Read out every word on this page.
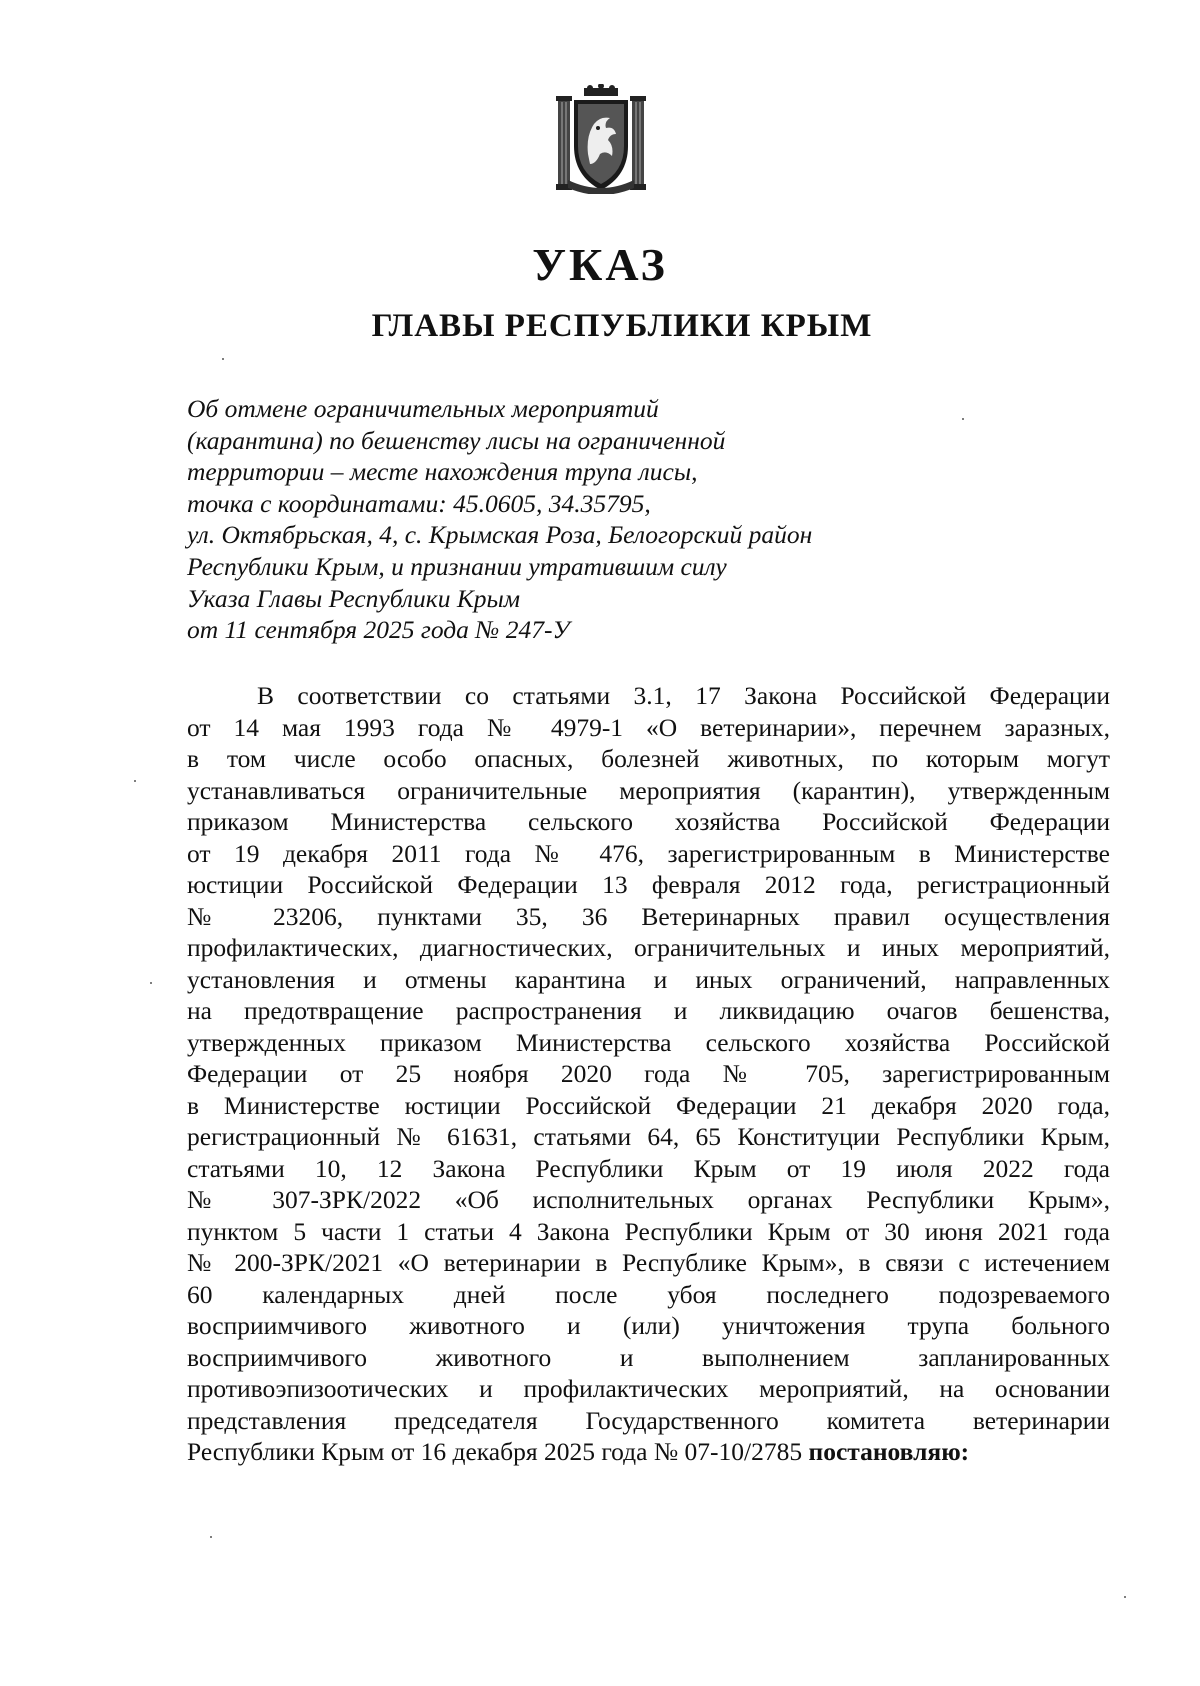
УКАЗ
ГЛАВЫ РЕСПУБЛИКИ КРЫМ
Об отмене ограничительных мероприятий
(карантина) по бешенству лисы на ограниченной
территории – месте нахождения трупа лисы,
точка с координатами: 45.0605, 34.35795,
ул. Октябрьская, 4, с. Крымская Роза, Белогорский район
Республики Крым, и признании утратившим силу
Указа Главы Республики Крым
от 11 сентября 2025 года № 247-У
В соответствии со статьями 3.1, 17 Закона Российской Федерации
от 14 мая 1993 года № 4979-1 «О ветеринарии», перечнем заразных,
в том числе особо опасных, болезней животных, по которым могут
устанавливаться ограничительные мероприятия (карантин), утвержденным
приказом Министерства сельского хозяйства Российской Федерации
от 19 декабря 2011 года № 476, зарегистрированным в Министерстве
юстиции Российской Федерации 13 февраля 2012 года, регистрационный
№ 23206, пунктами 35, 36 Ветеринарных правил осуществления
профилактических, диагностических, ограничительных и иных мероприятий,
установления и отмены карантина и иных ограничений, направленных
на предотвращение распространения и ликвидацию очагов бешенства,
утвержденных приказом Министерства сельского хозяйства Российской
Федерации от 25 ноября 2020 года № 705, зарегистрированным
в Министерстве юстиции Российской Федерации 21 декабря 2020 года,
регистрационный № 61631, статьями 64, 65 Конституции Республики Крым,
статьями 10, 12 Закона Республики Крым от 19 июля 2022 года
№ 307-ЗРК/2022 «Об исполнительных органах Республики Крым»,
пунктом 5 части 1 статьи 4 Закона Республики Крым от 30 июня 2021 года
№ 200-ЗРК/2021 «О ветеринарии в Республике Крым», в связи с истечением
60 календарных дней после убоя последнего подозреваемого
восприимчивого животного и (или) уничтожения трупа больного
восприимчивого животного и выполнением запланированных
противоэпизоотических и профилактических мероприятий, на основании
представления председателя Государственного комитета ветеринарии
Республики Крым от 16 декабря 2025 года № 07-10/2785 постановляю:
